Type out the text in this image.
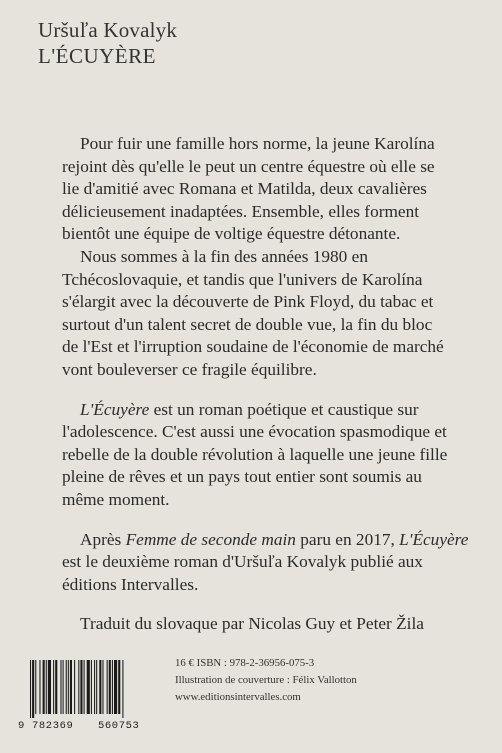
Uršuľa Kovalyk
L'ÉCUYÈRE
Pour fuir une famille hors norme, la jeune Karolína
rejoint dès qu'elle le peut un centre équestre où elle se
lie d'amitié avec Romana et Matilda, deux cavalières
délicieusement inadaptées. Ensemble, elles forment
bientôt une équipe de voltige équestre détonante.
Nous sommes à la fin des années 1980 en
Tchécoslovaquie, et tandis que l'univers de Karolína
s'élargit avec la découverte de Pink Floyd, du tabac et
surtout d'un talent secret de double vue, la fin du bloc
de l'Est et l'irruption soudaine de l'économie de marché
vont bouleverser ce fragile équilibre.
L'Écuyère est un roman poétique et caustique sur
l'adolescence. C'est aussi une évocation spasmodique et
rebelle de la double révolution à laquelle une jeune fille
pleine de rêves et un pays tout entier sont soumis au
même moment.
Après Femme de seconde main paru en 2017, L'Écuyère
est le deuxième roman d'Uršuľa Kovalyk publié aux
éditions Intervalles.
Traduit du slovaque par Nicolas Guy et Peter Žila
9 782369 560753
16 € ISBN : 978-2-36956-075-3
Illustration de couverture : Félix Vallotton
www.editionsintervalles.com
